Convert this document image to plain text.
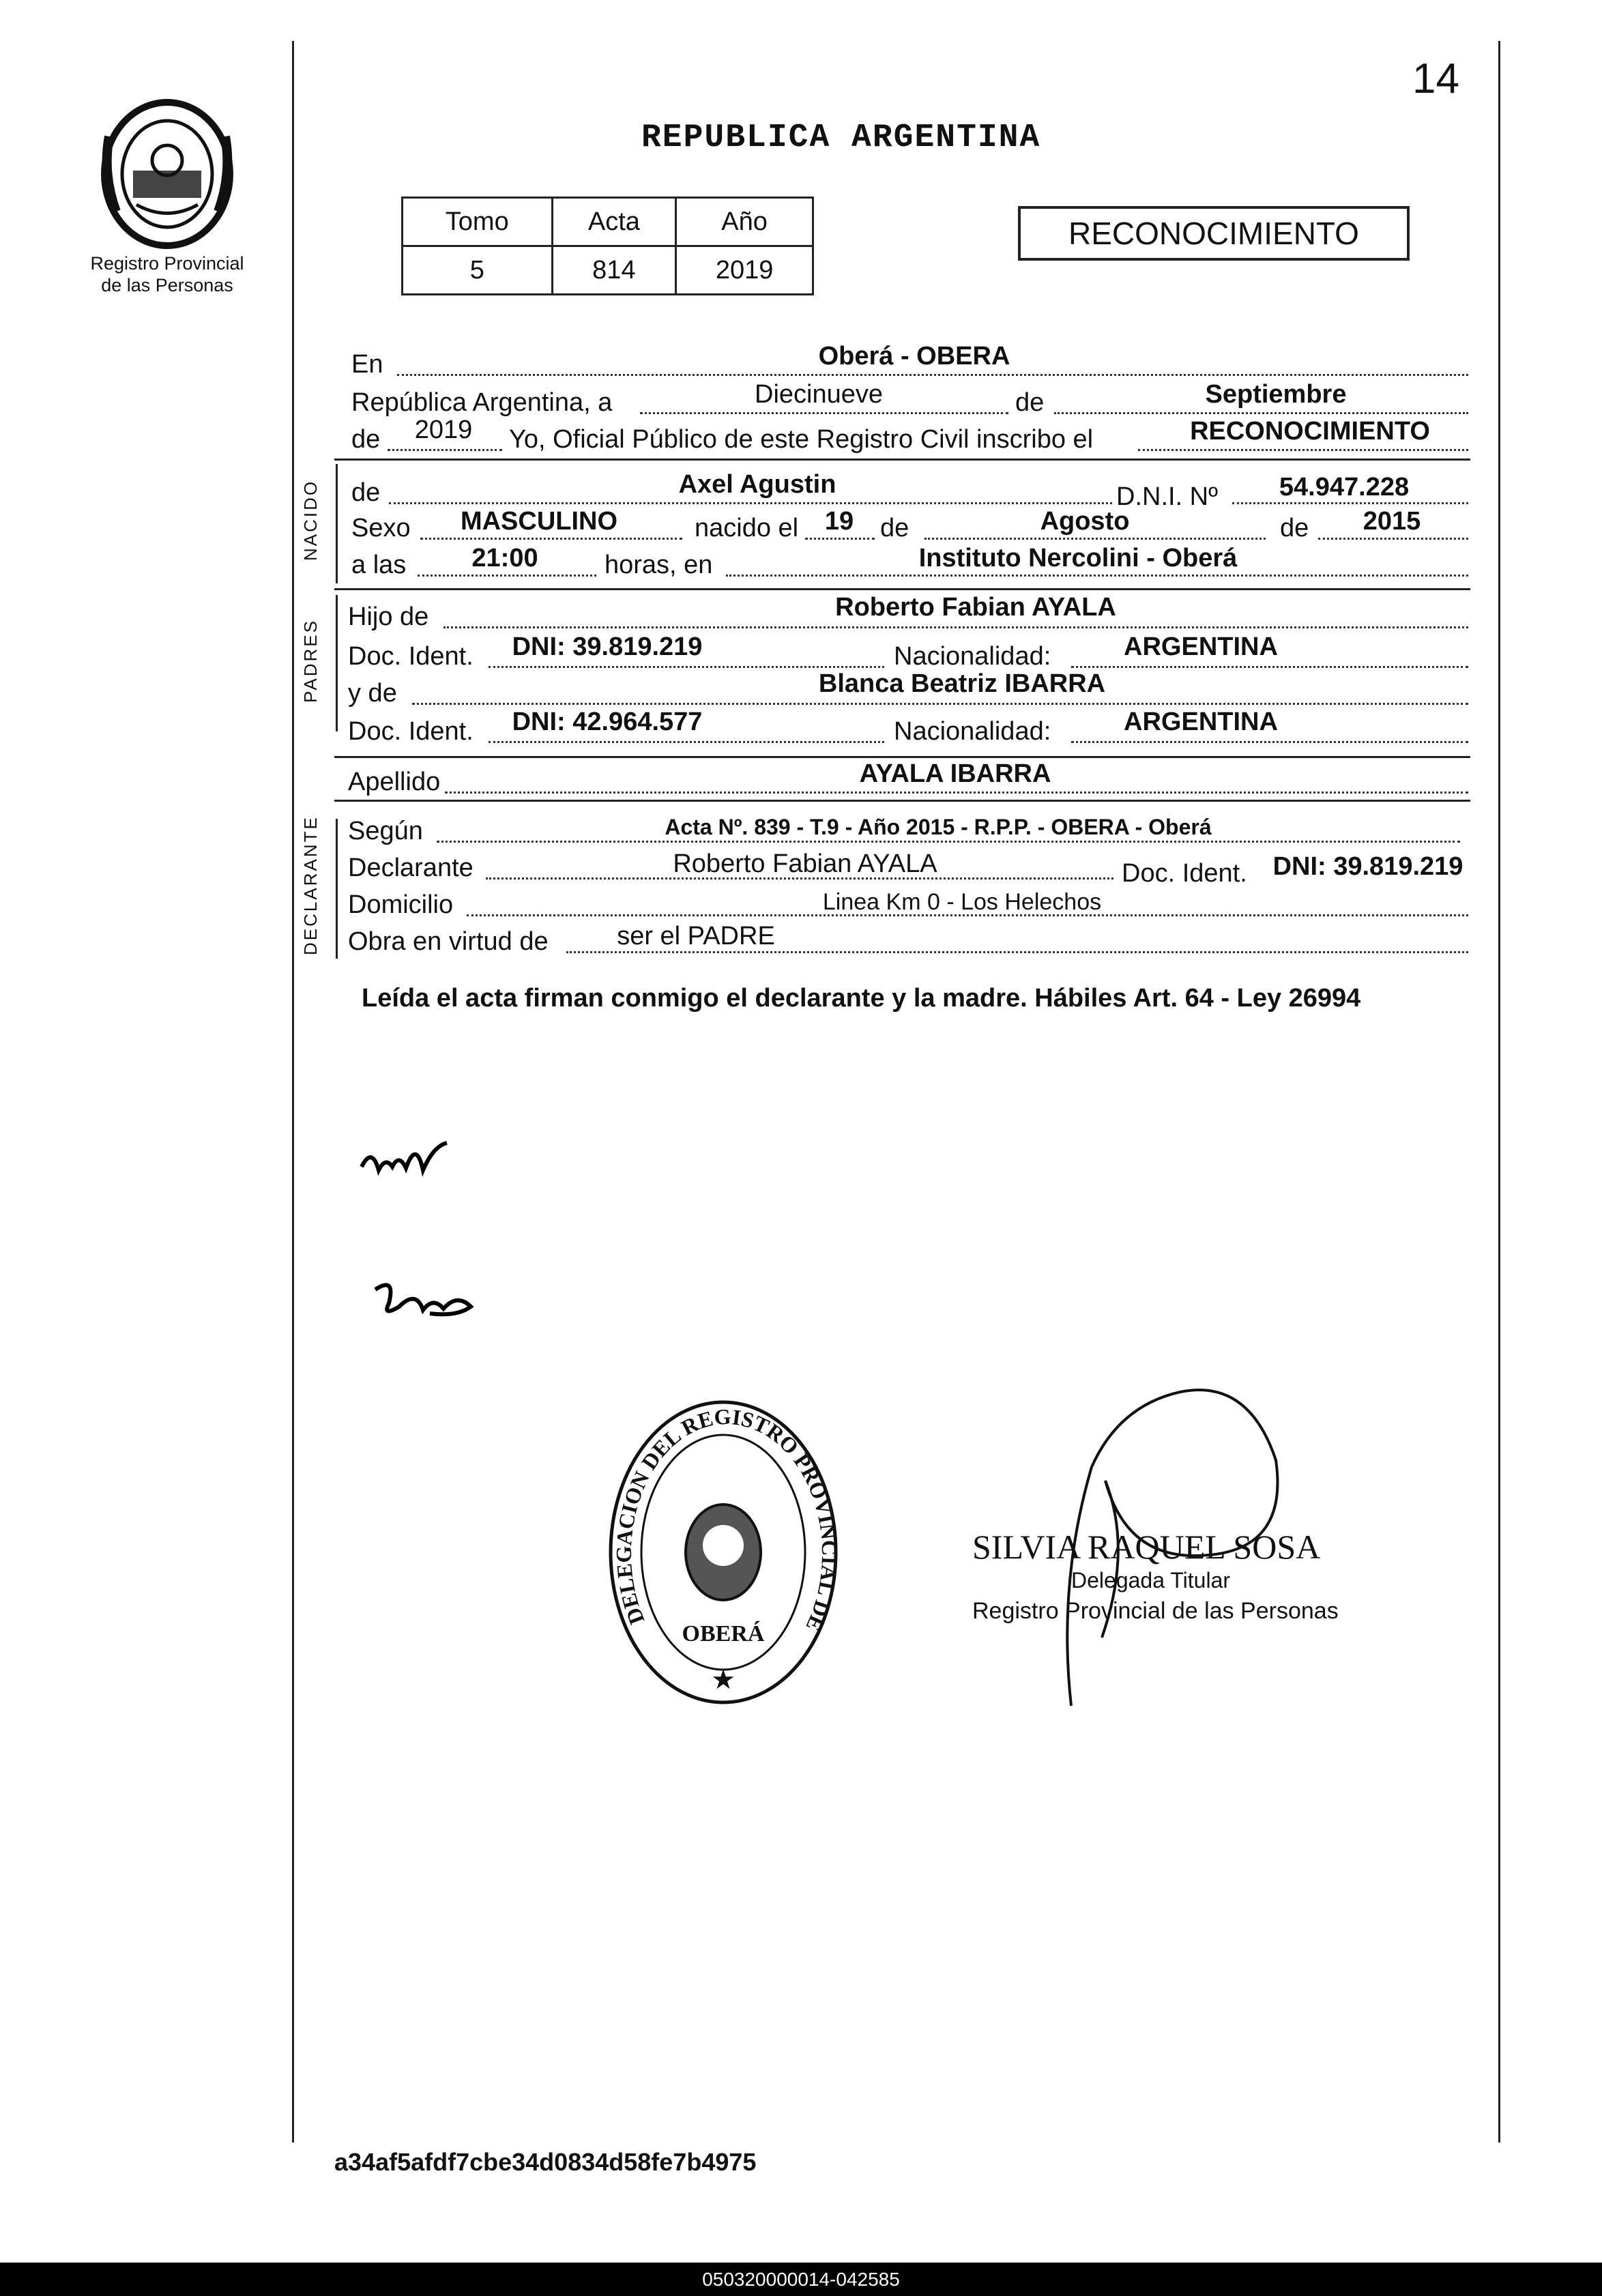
14
Registro Provincial
de las Personas
REPUBLICA ARGENTINA
Tomo	Acta	Año
5	814	2019
RECONOCIMIENTO
En	Oberá - OBERA
República Argentina, a	Diecinueve	de	Septiembre
de	2019	Yo, Oficial Público de este Registro Civil inscribo el	RECONOCIMIENTO
NACIDO de	Axel Agustin	D.N.I. Nº	54.947.228
Sexo	MASCULINO	nacido el	19	de	Agosto	de	2015
a las	21:00	horas, en	Instituto Nercolini - Oberá
PADRES
Hijo de	Roberto Fabian AYALA
Doc. Ident.	DNI: 39.819.219	Nacionalidad:	ARGENTINA
y de	Blanca Beatriz IBARRA
Doc. Ident.	DNI: 42.964.577	Nacionalidad:	ARGENTINA
Apellido	AYALA IBARRA
DECLARANTE Según	Acta Nº. 839 - T.9 - Año 2015 - R.P.P. - OBERA - Oberá
Declarante	Roberto Fabian AYALA	Doc. Ident. DNI: 39.819.219
Domicilio	Linea Km 0 - Los Helechos
Obra en virtud de	ser el PADRE
Leída el acta firman conmigo el declarante y la madre. Hábiles Art. 64 - Ley 26994
DELEGACION DEL REGISTRO PROVINCIAL DE
OBERÁ
★
SILVIA RAQUEL SOSA
Delegada Titular
Registro Provincial de las Personas
a34af5afdf7cbe34d0834d58fe7b4975
050320000014-042585
